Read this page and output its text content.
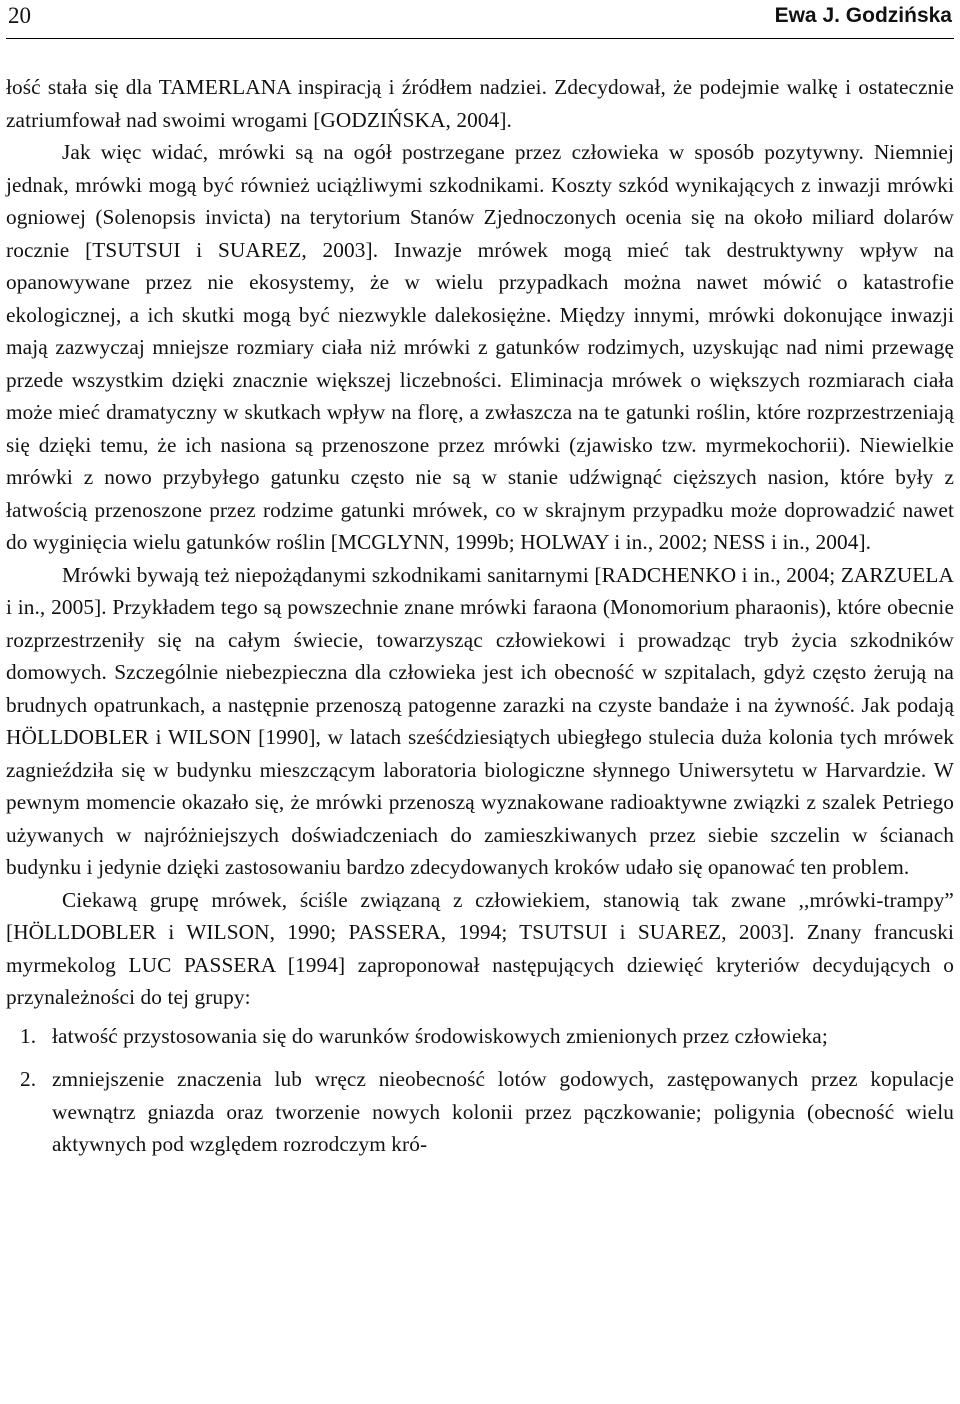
20	Ewa J. Godzińska

łość stała się dla TAMERLANA inspiracją i źródłem nadziei. Zdecydował, że podejmie walkę i ostatecznie zatriumfował nad swoimi wrogami [GODZIŃSKA, 2004].

Jak więc widać, mrówki są na ogół postrzegane przez człowieka w sposób pozytywny. Niemniej jednak, mrówki mogą być również uciążliwymi szkodnikami. Koszty szkód wynikających z inwazji mrówki ogniowej (Solenopsis invicta) na terytorium Stanów Zjednoczonych ocenia się na około miliard dolarów rocznie [TSUTSUI i SUAREZ, 2003]. Inwazje mrówek mogą mieć tak destruktywny wpływ na opanowywane przez nie ekosystemy, że w wielu przypadkach można nawet mówić o katastrofie ekologicznej, a ich skutki mogą być niezwykle dalekosiężne. Między innymi, mrówki dokonujące inwazji mają zazwyczaj mniejsze rozmiary ciała niż mrówki z gatunków rodzimych, uzyskując nad nimi przewagę przede wszystkim dzięki znacznie większej liczebności. Eliminacja mrówek o większych rozmiarach ciała może mieć dramatyczny w skutkach wpływ na florę, a zwłaszcza na te gatunki roślin, które rozprzestrzeniają się dzięki temu, że ich nasiona są przenoszone przez mrówki (zjawisko tzw. myrmekochorii). Niewielkie mrówki z nowo przybyłego gatunku często nie są w stanie udźwignąć cięższych nasion, które były z łatwością przenoszone przez rodzime gatunki mrówek, co w skrajnym przypadku może doprowadzić nawet do wyginięcia wielu gatunków roślin [MCGLYNN, 1999b; HOLWAY i in., 2002; NESS i in., 2004].

Mrówki bywają też niepożądanymi szkodnikami sanitarnymi [RADCHENKO i in., 2004; ZARZUELA i in., 2005]. Przykładem tego są powszechnie znane mrówki faraona (Monomorium pharaonis), które obecnie rozprzestrzeniły się na całym świecie, towarzysząc człowiekowi i prowadząc tryb życia szkodników domowych. Szczególnie niebezpieczna dla człowieka jest ich obecność w szpitalach, gdyż często żerują na brudnych opatrunkach, a następnie przenoszą patogenne zarazki na czyste bandaże i na żywność. Jak podają HÖLLDOBLER i WILSON [1990], w latach sześćdziesiątych ubiegłego stulecia duża kolonia tych mrówek zagnieździła się w budynku mieszczącym laboratoria biologiczne słynnego Uniwersytetu w Harvardzie. W pewnym momencie okazało się, że mrówki przenoszą wyznakowane radioaktywne związki z szalek Petriego używanych w najróżniejszych doświadczeniach do zamieszkiwanych przez siebie szczelin w ścianach budynku i jedynie dzięki zastosowaniu bardzo zdecydowanych kroków udało się opanować ten problem.

Ciekawą grupę mrówek, ściśle związaną z człowiekiem, stanowią tak zwane ,,mrówki-trampy” [HÖLLDOBLER i WILSON, 1990; PASSERA, 1994; TSUTSUI i SUAREZ, 2003]. Znany francuski myrmekolog LUC PASSERA [1994] zaproponował następujących dziewięć kryteriów decydujących o przynależności do tej grupy:

1. łatwość przystosowania się do warunków środowiskowych zmienionych przez człowieka;
2. zmniejszenie znaczenia lub wręcz nieobecność lotów godowych, zastępowanych przez kopulacje wewnątrz gniazda oraz tworzenie nowych kolonii przez pączkowanie; poligynia (obecność wielu aktywnych pod względem rozrodczym kró-
